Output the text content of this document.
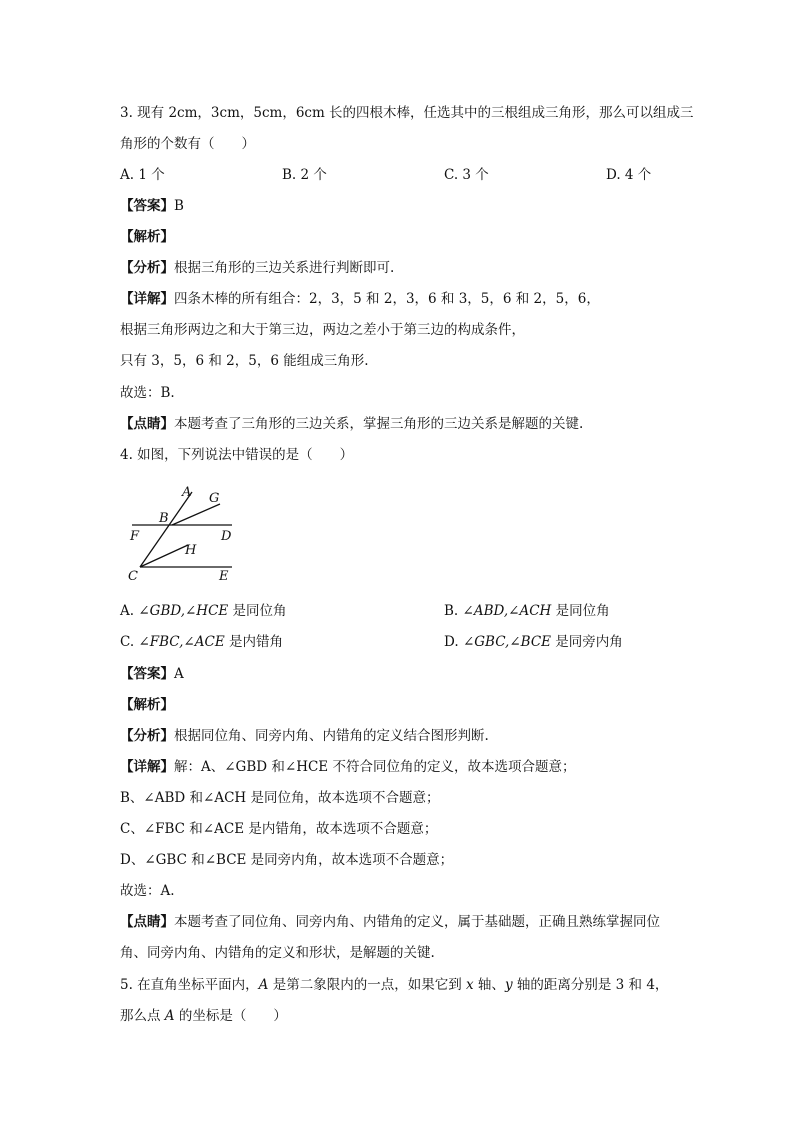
3. 现有 2cm，3cm，5cm，6cm 长的四根木棒，任选其中的三根组成三角形，那么可以组成三
角形的个数有（　　）
A. 1 个	B. 2 个	C. 3 个	D. 4 个
【答案】B
【解析】
【分析】根据三角形的三边关系进行判断即可.
【详解】四条木棒的所有组合：2，3，5 和 2，3，6 和 3，5，6 和 2，5，6，
根据三角形两边之和大于第三边，两边之差小于第三边的构成条件，
只有 3，5，6 和 2，5，6 能组成三角形.
故选：B.
【点睛】本题考查了三角形的三边关系，掌握三角形的三边关系是解题的关键.
4. 如图，下列说法中错误的是（　　）
A G
B
F	D
H
C	E
A. ∠GBD,∠HCE 是同位角	B. ∠ABD,∠ACH 是同位角
C. ∠FBC,∠ACE 是内错角	D. ∠GBC,∠BCE 是同旁内角
【答案】A
【解析】
【分析】根据同位角、同旁内角、内错角的定义结合图形判断.
【详解】解：A、∠GBD 和∠HCE 不符合同位角的定义，故本选项合题意；
B、∠ABD 和∠ACH 是同位角，故本选项不合题意；
C、∠FBC 和∠ACE 是内错角，故本选项不合题意；
D、∠GBC 和∠BCE 是同旁内角，故本选项不合题意；
故选：A.
【点睛】本题考查了同位角、同旁内角、内错角的定义，属于基础题，正确且熟练掌握同位
角、同旁内角、内错角的定义和形状，是解题的关键.
5. 在直角坐标平面内，A 是第二象限内的一点，如果它到 x 轴、y 轴的距离分别是 3 和 4，
那么点 A 的坐标是（　　）
